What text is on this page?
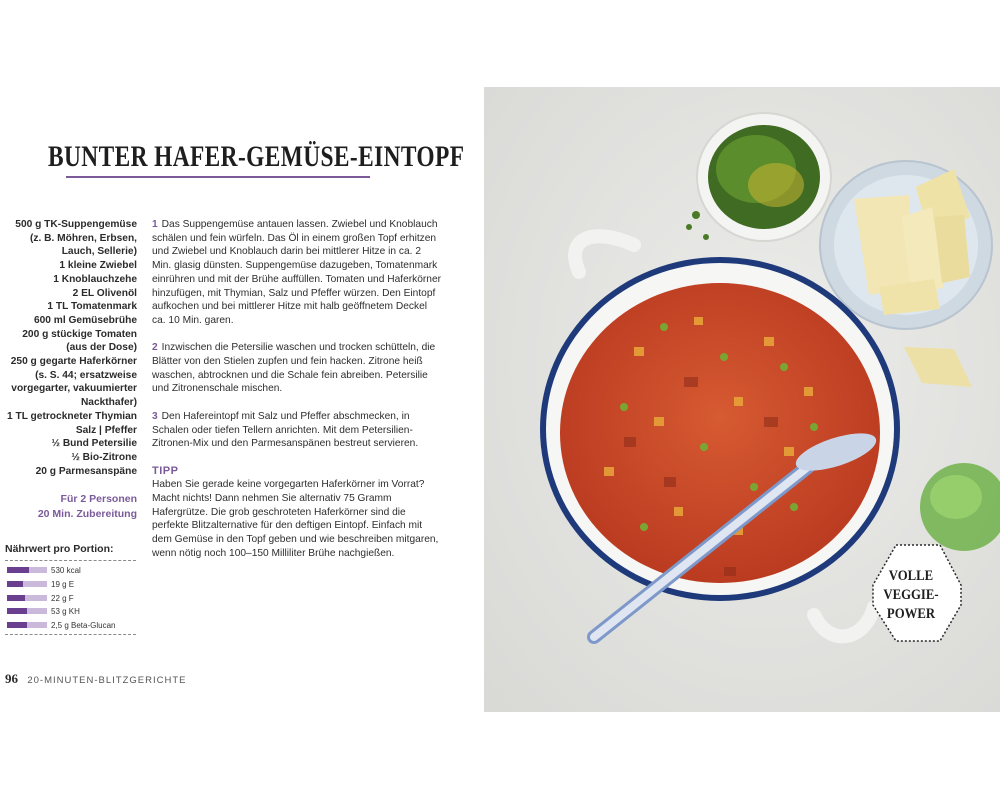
BUNTER HAFER-GEMÜSE-EINTOPF
500 g TK-Suppengemüse
(z. B. Möhren, Erbsen,
Lauch, Sellerie)
1 kleine Zwiebel
1 Knoblauchzehe
2 EL Olivenöl
1 TL Tomatenmark
600 ml Gemüsebrühe
200 g stückige Tomaten
(aus der Dose)
250 g gegarte Haferkörner
(s. S. 44; ersatzweise
vorgegarter, vakuumierter
Nackthafer)
1 TL getrockneter Thymian
Salz | Pfeffer
½ Bund Petersilie
½ Bio-Zitrone
20 g Parmesanspäne
Für 2 Personen
20 Min. Zubereitung
Nährwert pro Portion:
530 kcal
19 g E
22 g F
53 g KH
2,5 g Beta-Glucan

1 Das Suppengemüse antauen lassen. Zwiebel und Knoblauch schälen und fein würfeln. Das Öl in einem großen Topf erhitzen und Zwiebel und Knoblauch darin bei mittlerer Hitze in ca. 2 Min. glasig dünsten. Suppengemüse dazugeben, Tomatenmark einrühren und mit der Brühe auffüllen. Tomaten und Haferkörner hinzufügen, mit Thymian, Salz und Pfeffer würzen. Den Eintopf aufkochen und bei mittlerer Hitze mit halb geöffnetem Deckel ca. 10 Min. garen.

2 Inzwischen die Petersilie waschen und trocken schütteln, die Blätter von den Stielen zupfen und fein hacken. Zitrone heiß waschen, abtrocknen und die Schale fein abreiben. Petersilie und Zitronenschale mischen.

3 Den Hafereintopf mit Salz und Pfeffer abschmecken, in Schalen oder tiefen Tellern anrichten. Mit dem Petersilien-Zitronen-Mix und den Parmesanspänen bestreut servieren.

TIPP
Haben Sie gerade keine vorgegarten Haferkörner im Vorrat? Macht nichts! Dann nehmen Sie alternativ 75 Gramm Hafergrütze. Die grob geschroteten Haferkörner sind die perfekte Blitzalternative für den deftigen Eintopf. Einfach mit dem Gemüse in den Topf geben und wie beschreiben mitgaren, wenn nötig noch 100–150 Milliliter Brühe nachgießen.
96 20-MINUTEN-BLITZGERICHTE
VOLLE
VEGGIE-
POWER
